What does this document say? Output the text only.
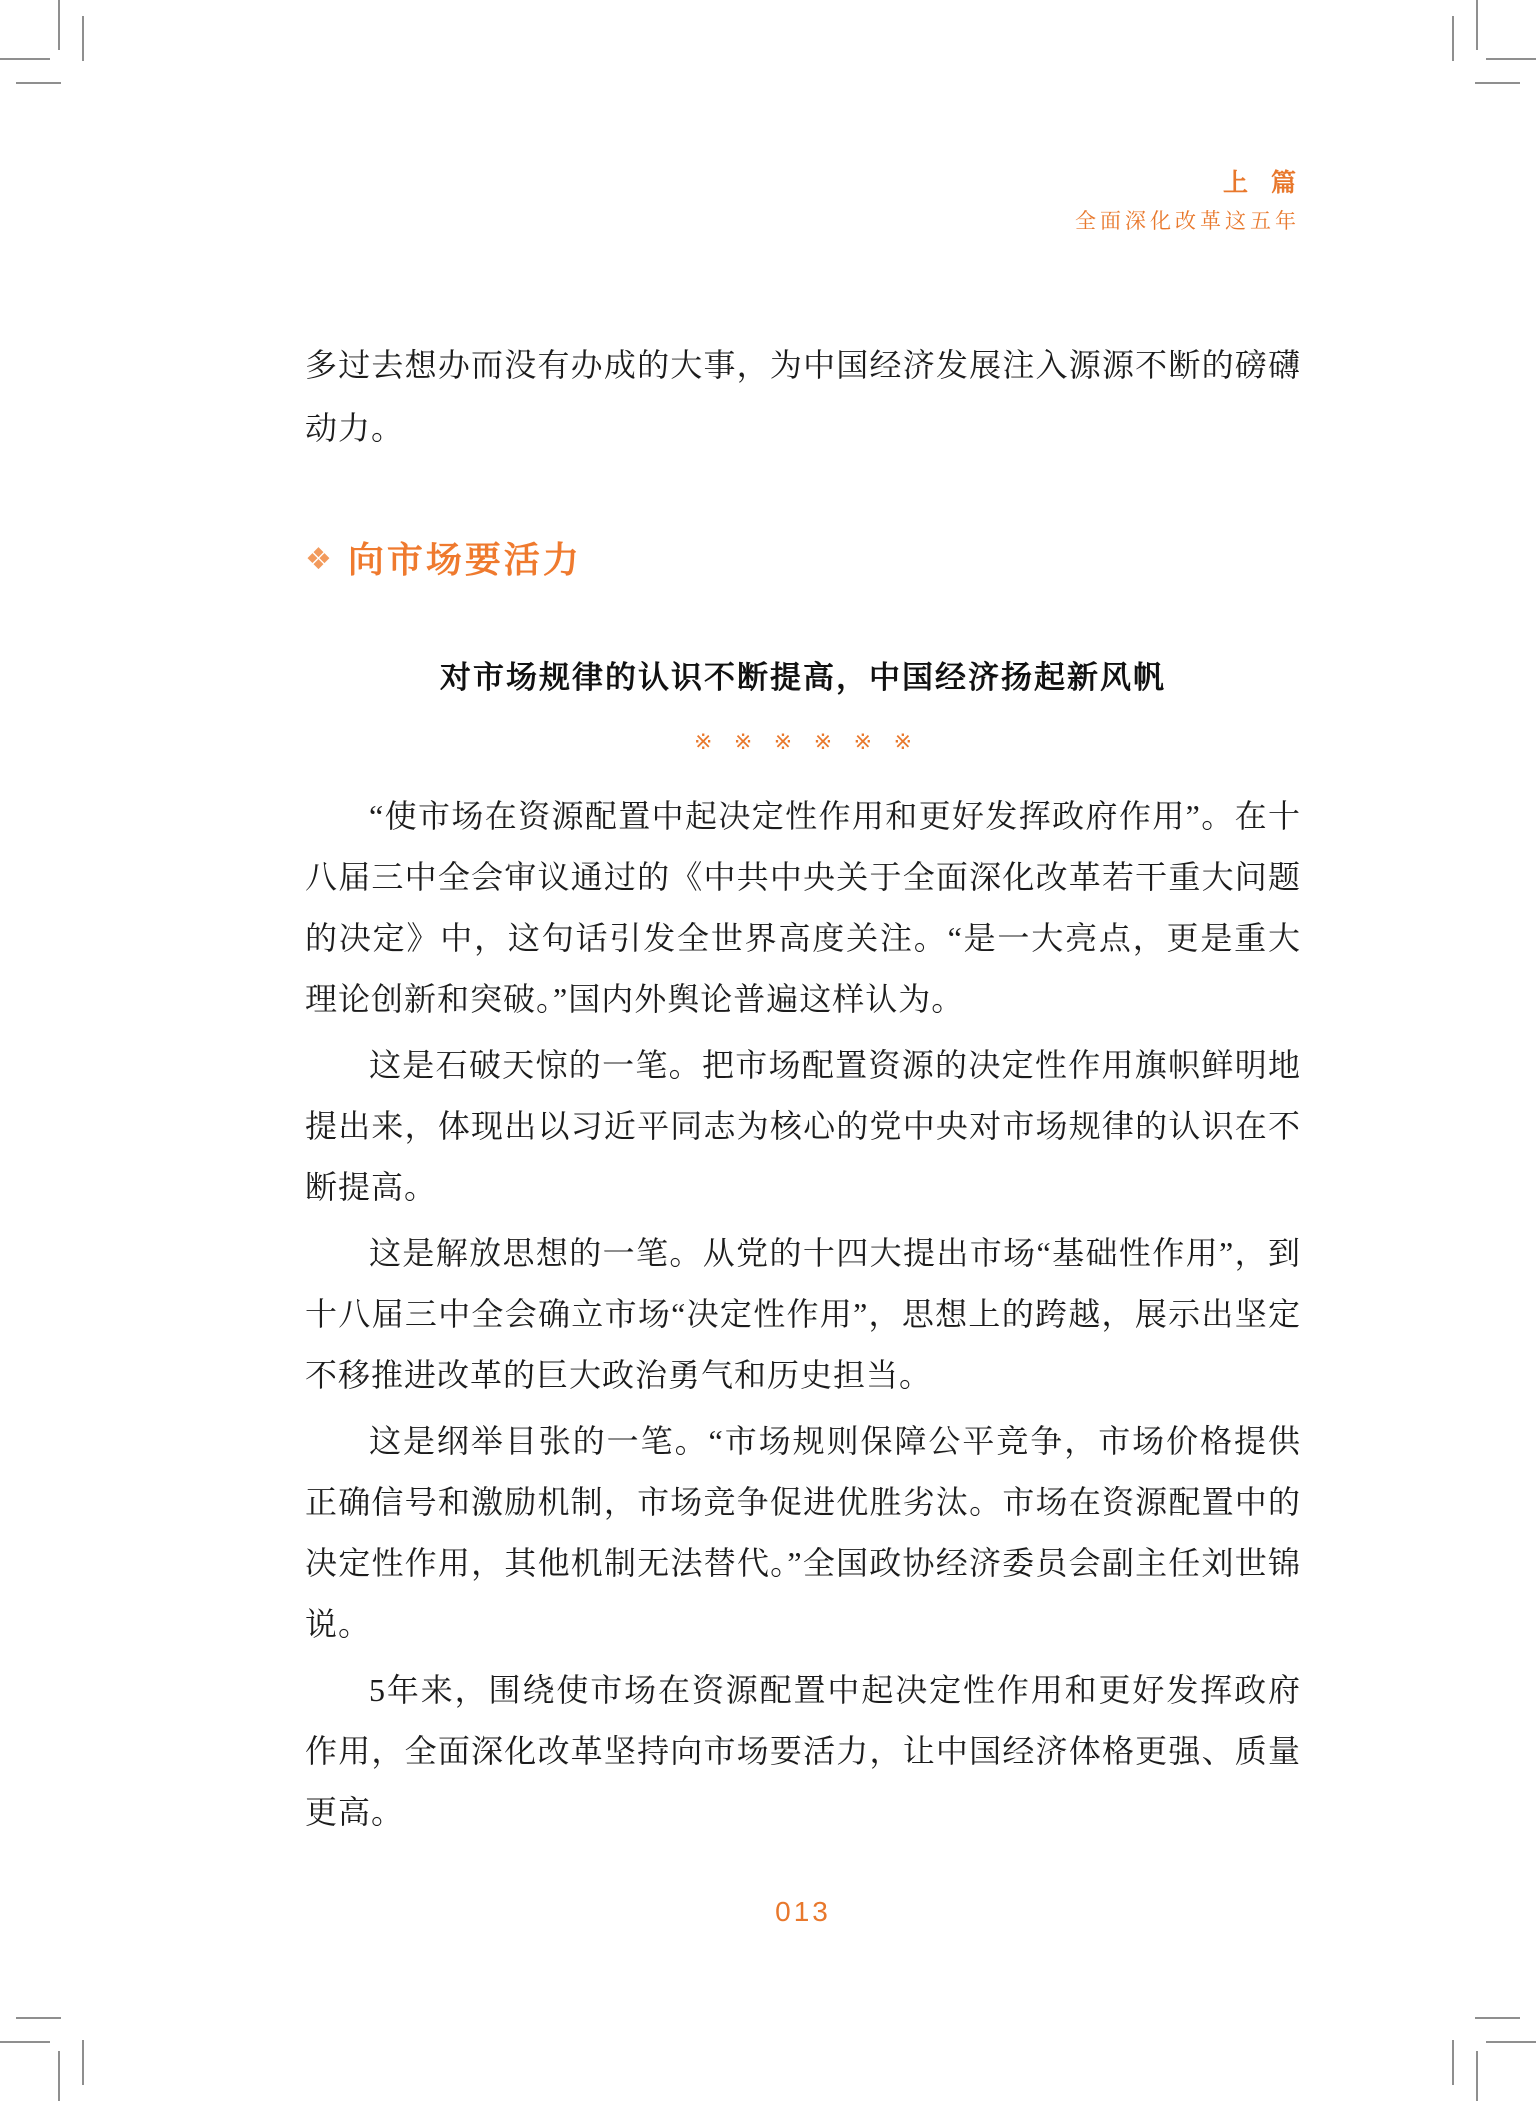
上 篇
全面深化改革这五年

多过去想办而没有办成的大事，为中国经济发展注入源源不断的磅礴动力。

❖ 向市场要活力
对市场规律的认识不断提高，中国经济扬起新风帆
※ ※ ※ ※ ※ ※

“使市场在资源配置中起决定性作用和更好发挥政府作用”。在十八届三中全会审议通过的《中共中央关于全面深化改革若干重大问题的决定》中，这句话引发全世界高度关注。“是一大亮点，更是重大理论创新和突破。”国内外舆论普遍这样认为。

这是石破天惊的一笔。把市场配置资源的决定性作用旗帜鲜明地提出来，体现出以习近平同志为核心的党中央对市场规律的认识在不断提高。

这是解放思想的一笔。从党的十四大提出市场“基础性作用”，到十八届三中全会确立市场“决定性作用”，思想上的跨越，展示出坚定不移推进改革的巨大政治勇气和历史担当。

这是纲举目张的一笔。“市场规则保障公平竞争，市场价格提供正确信号和激励机制，市场竞争促进优胜劣汰。市场在资源配置中的决定性作用，其他机制无法替代。”全国政协经济委员会副主任刘世锦说。

5年来，围绕使市场在资源配置中起决定性作用和更好发挥政府作用，全面深化改革坚持向市场要活力，让中国经济体格更强、质量更高。

013
